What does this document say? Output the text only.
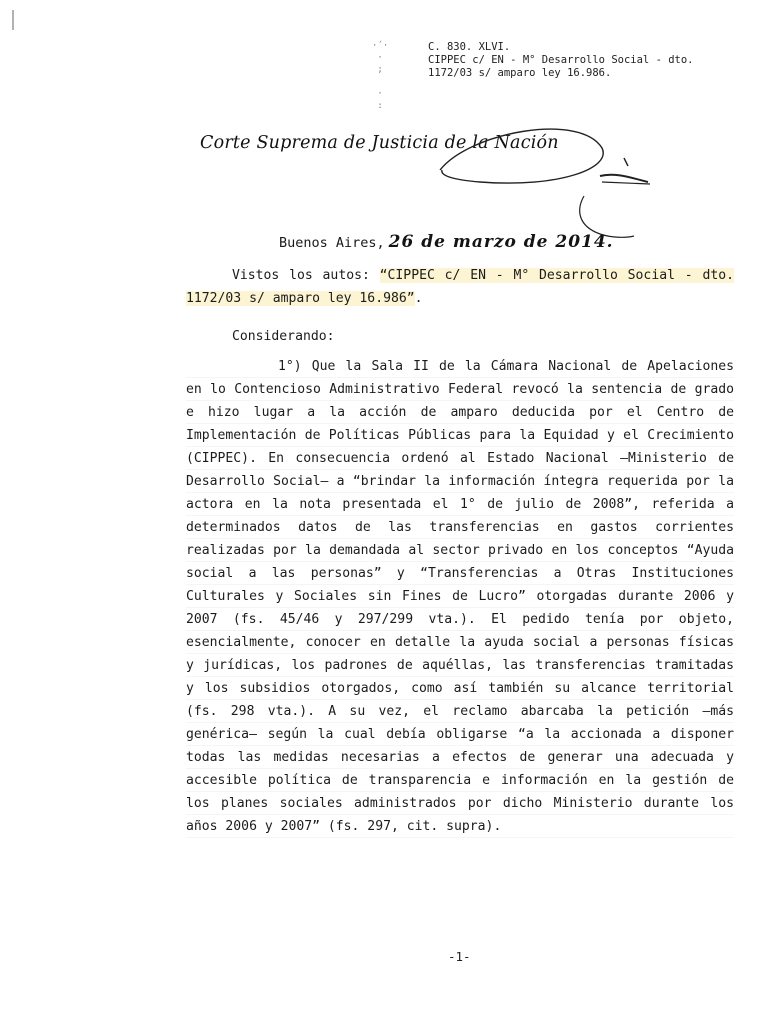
·´·
·
;

·
:
C. 830. XLVI.
CIPPEC c/ EN - M° Desarrollo Social - dto.
1172/03 s/ amparo ley 16.986.
Corte Suprema de Justicia de la Nación
Buenos Aires, 26 de marzo de 2014.
Vistos los autos: “CIPPEC c/ EN - M° Desarrollo Social - dto. 1172/03 s/ amparo ley 16.986”.
Considerando:
1°) Que la Sala II de la Cámara Nacional de Apelaciones en lo Contencioso Administrativo Federal revocó la sentencia de grado e hizo lugar a la acción de amparo deducida por el Centro de Implementación de Políticas Públicas para la Equidad y el Crecimiento (CIPPEC). En consecuencia ordenó al Estado Nacional —Ministerio de Desarrollo Social— a “brindar la información íntegra requerida por la actora en la nota presentada el 1° de julio de 2008”, referida a determinados datos de las transferencias en gastos corrientes realizadas por la demandada al sector privado en los conceptos “Ayuda social a las personas” y “Transferencias a Otras Instituciones Culturales y Sociales sin Fines de Lucro” otorgadas durante 2006 y 2007 (fs. 45/46 y 297/299 vta.). El pedido tenía por objeto, esencialmente, conocer en detalle la ayuda social a personas físicas y jurídicas, los padrones de aquéllas, las transferencias tramitadas y los subsidios otorgados, como así también su alcance territorial (fs. 298 vta.). A su vez, el reclamo abarcaba la petición —más genérica— según la cual debía obligarse “a la accionada a disponer todas las medidas necesarias a efectos de generar una adecuada y accesible política de transparencia e información en la gestión de los planes sociales administrados por dicho Ministerio durante los años 2006 y 2007” (fs. 297, cit. supra).
-1-
